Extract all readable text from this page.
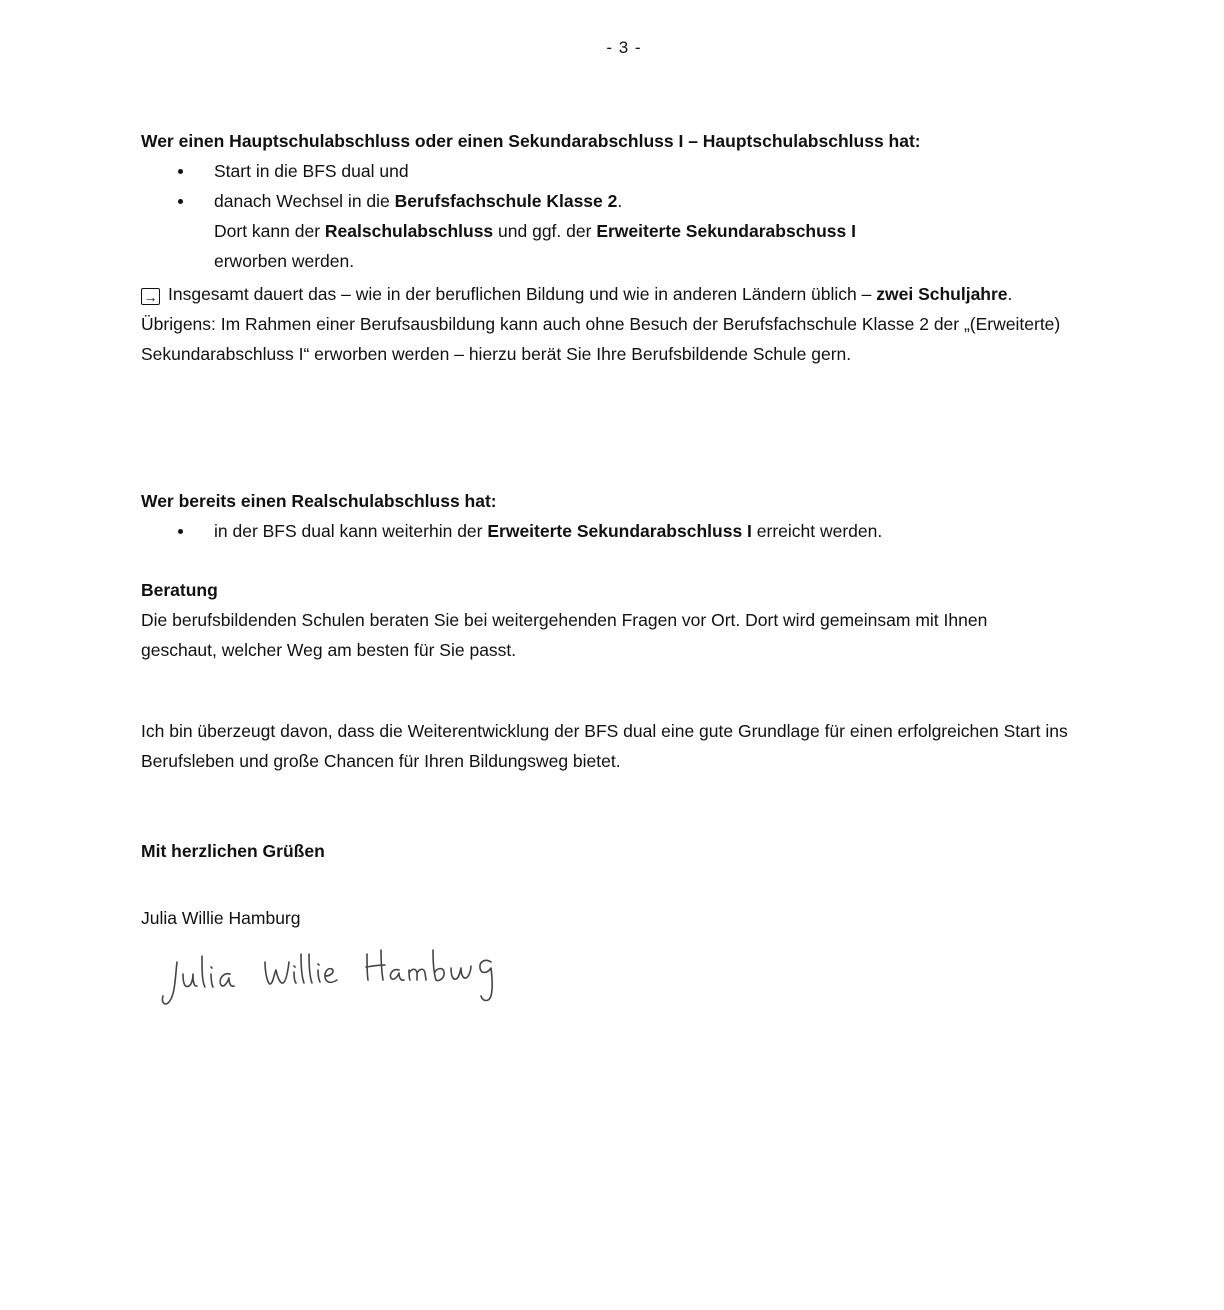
- 3 -
Wer einen Hauptschulabschluss oder einen Sekundarabschluss I – Hauptschulabschluss hat:
Start in die BFS dual und
danach Wechsel in die Berufsfachschule Klasse 2.
Dort kann der Realschulabschluss und ggf. der Erweiterte Sekundarabschuss I
erworben werden.
→ Insgesamt dauert das – wie in der beruflichen Bildung und wie in anderen Ländern üblich – zwei Schuljahre.
Übrigens: Im Rahmen einer Berufsausbildung kann auch ohne Besuch der Berufsfachschule Klasse 2 der „(Erweiterte) Sekundarabschluss I“ erworben werden – hierzu berät Sie Ihre Berufsbildende Schule gern.
Wer bereits einen Realschulabschluss hat:
in der BFS dual kann weiterhin der Erweiterte Sekundarabschluss I erreicht werden.
Beratung
Die berufsbildenden Schulen beraten Sie bei weitergehenden Fragen vor Ort. Dort wird gemeinsam mit Ihnen geschaut, welcher Weg am besten für Sie passt.
Ich bin überzeugt davon, dass die Weiterentwicklung der BFS dual eine gute Grundlage für einen erfolgreichen Start ins Berufsleben und große Chancen für Ihren Bildungsweg bietet.
Mit herzlichen Grüßen
Julia Willie Hamburg
